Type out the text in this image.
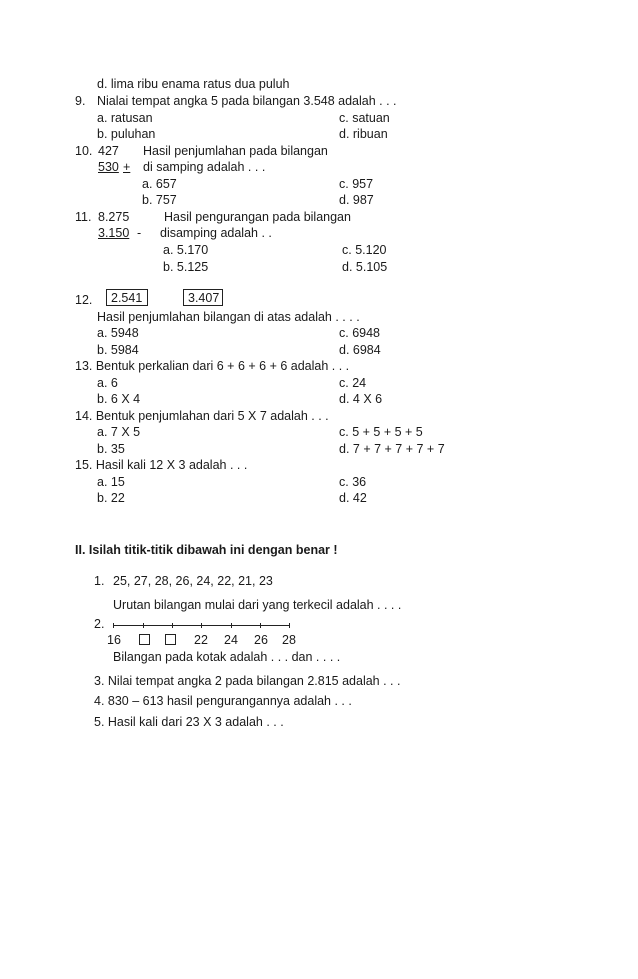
d. lima ribu enama ratus dua puluh
9. Nialai tempat angka 5 pada bilangan 3.548 adalah . . .
a. ratusan	c. satuan
b. puluhan	d. ribuan
10. 427 Hasil penjumlahan pada bilangan
530 + di samping adalah . . .
a. 657	c. 957
b. 757	d. 987
11. 8.275	Hasil pengurangan pada bilangan
3.150 - disamping adalah . .
a. 5.170	c. 5.120
b. 5.125	d. 5.105
12.	2.541	3.407
Hasil penjumlahan bilangan di atas adalah . . . .
a. 5948	c. 6948
b. 5984	d. 6984
13. Bentuk perkalian dari 6 + 6 + 6 + 6 adalah . . .
a. 6	c. 24
b. 6 X 4	d. 4 X 6
14. Bentuk penjumlahan dari 5 X 7 adalah . . .
a. 7 X 5	c. 5 + 5 + 5 + 5
b. 35	d. 7 + 7 + 7 + 7 + 7
15. Hasil kali 12 X 3 adalah . . .
a. 15	c. 36
b. 22	d. 42
II. Isilah titik-titik dibawah ini dengan benar !
1. 25, 27, 28, 26, 24, 22, 21, 23
Urutan bilangan mulai dari yang terkecil adalah . . . .
2.
16	22 24 26 28
Bilangan pada kotak adalah . . . dan . . . .
3. Nilai tempat angka 2 pada bilangan 2.815 adalah . . .
4. 830 – 613 hasil pengurangannya adalah . . .
5. Hasil kali dari 23 X 3 adalah . . .
